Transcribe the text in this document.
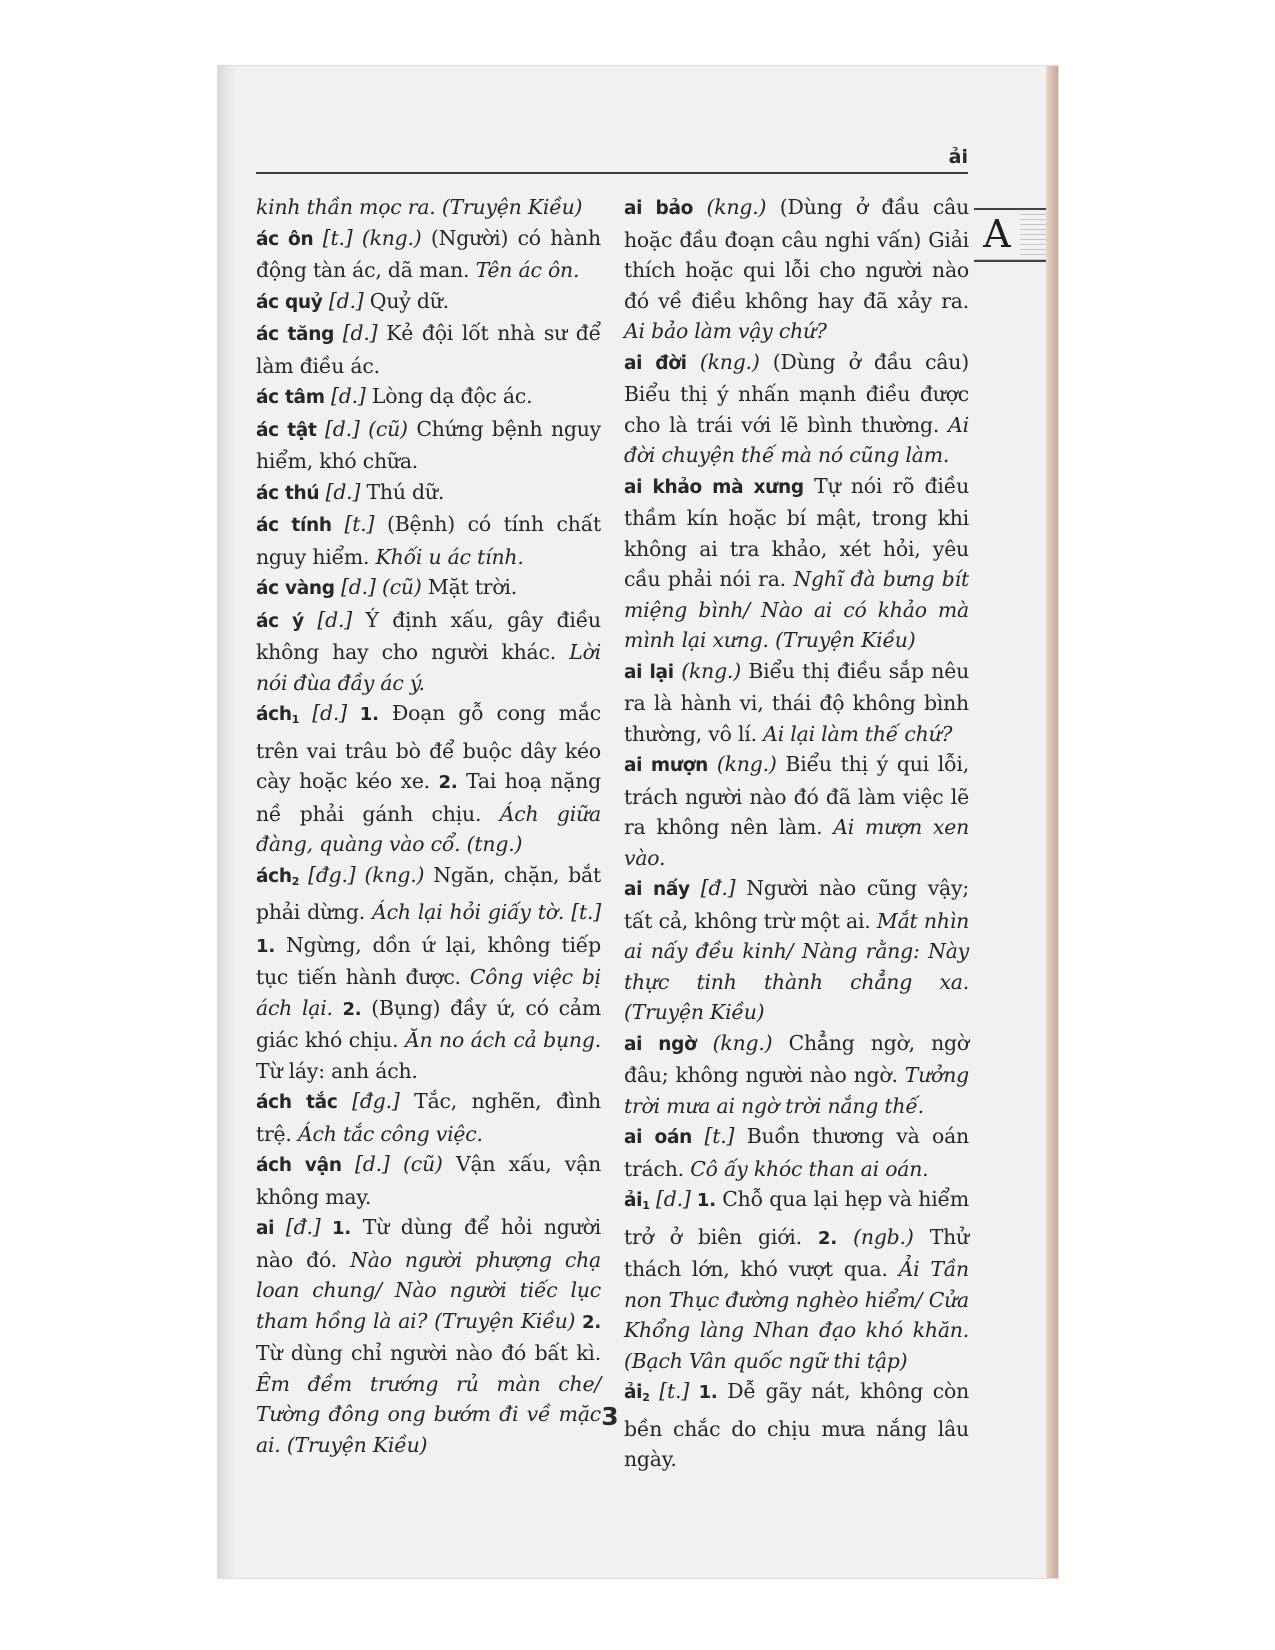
ải
A

kinh thần mọc ra. (Truyện Kiều)

ác ôn [t.] (kng.) (Người) có hành động tàn ác, dã man. Tên ác ôn.

ác quỷ [d.] Quỷ dữ.

ác tăng [d.] Kẻ đội lốt nhà sư để làm điều ác.

ác tâm [d.] Lòng dạ độc ác.

ác tật [d.] (cũ) Chứng bệnh nguy hiểm, khó chữa.

ác thú [d.] Thú dữ.

ác tính [t.] (Bệnh) có tính chất nguy hiểm. Khối u ác tính.

ác vàng [d.] (cũ) Mặt trời.

ác ý [d.] Ý định xấu, gây điều không hay cho người khác. Lời nói đùa đầy ác ý.

ách$_1$ [d.] 1. Đoạn gỗ cong mắc trên vai trâu bò để buộc dây kéo cày hoặc kéo xe. 2. Tai hoạ nặng nề phải gánh chịu. Ách giữa đàng, quàng vào cổ. (tng.)

ách$_2$ [đg.] (kng.) Ngăn, chặn, bắt phải dừng. Ách lại hỏi giấy tờ. [t.] 1. Ngừng, dồn ứ lại, không tiếp tục tiến hành được. Công việc bị ách lại. 2. (Bụng) đầy ứ, có cảm giác khó chịu. Ăn no ách cả bụng. Từ láy: anh ách.

ách tắc [đg.] Tắc, nghẽn, đình trệ. Ách tắc công việc.

ách vận [d.] (cũ) Vận xấu, vận không may.

ai [đ.] 1. Từ dùng để hỏi người nào đó. Nào người phượng chạ loan chung/ Nào người tiếc lục tham hồng là ai? (Truyện Kiều) 2. Từ dùng chỉ người nào đó bất kì. Êm đềm trướng rủ màn che/ Tường đông ong bướm đi về mặc ai. (Truyện Kiều)

ai bảo (kng.) (Dùng ở đầu câu hoặc đầu đoạn câu nghi vấn) Giải thích hoặc qui lỗi cho người nào đó về điều không hay đã xảy ra. Ai bảo làm vậy chứ?

ai đời (kng.) (Dùng ở đầu câu) Biểu thị ý nhấn mạnh điều được cho là trái với lẽ bình thường. Ai đời chuyện thế mà nó cũng làm.

ai khảo mà xưng Tự nói rõ điều thầm kín hoặc bí mật, trong khi không ai tra khảo, xét hỏi, yêu cầu phải nói ra. Nghĩ đà bưng bít miệng bình/ Nào ai có khảo mà mình lại xưng. (Truyện Kiều)

ai lại (kng.) Biểu thị điều sắp nêu ra là hành vi, thái độ không bình thường, vô lí. Ai lại làm thế chứ?

ai mượn (kng.) Biểu thị ý qui lỗi, trách người nào đó đã làm việc lẽ ra không nên làm. Ai mượn xen vào.

ai nấy [đ.] Người nào cũng vậy; tất cả, không trừ một ai. Mắt nhìn ai nấy đều kinh/ Nàng rằng: Này thực tinh thành chẳng xa. (Truyện Kiều)

ai ngờ (kng.) Chẳng ngờ, ngờ đâu; không người nào ngờ. Tưởng trời mưa ai ngờ trời nắng thế.

ai oán [t.] Buồn thương và oán trách. Cô ấy khóc than ai oán.

ải$_1$ [d.] 1. Chỗ qua lại hẹp và hiểm trở ở biên giới. 2. (ngb.) Thử thách lớn, khó vượt qua. Ải Tần non Thục đường nghèo hiểm/ Cửa Khổng làng Nhan đạo khó khăn. (Bạch Vân quốc ngữ thi tập)

ải$_2$ [t.] 1. Dễ gãy nát, không còn bền chắc do chịu mưa nắng lâu ngày.

3
